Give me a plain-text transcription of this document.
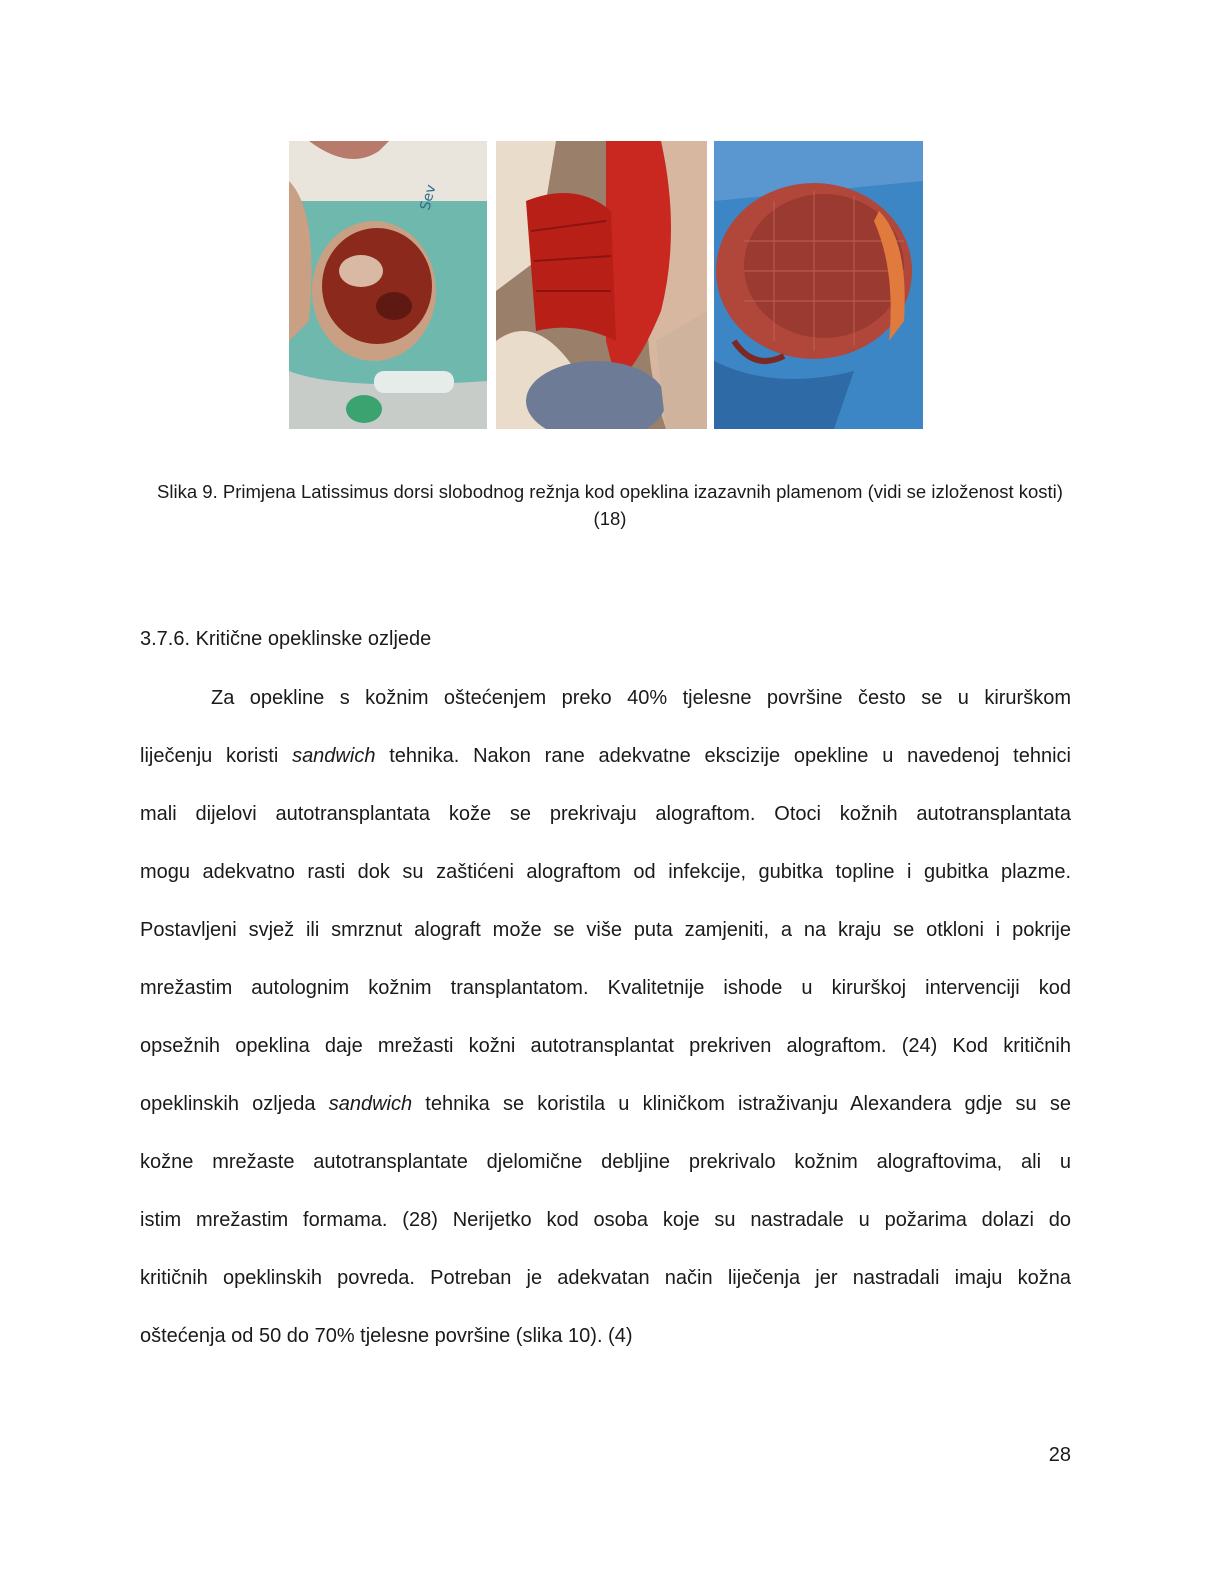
Sev
Slika 9. Primjena Latissimus dorsi slobodnog režnja kod opeklina izazavnih plamenom (vidi se izloženost kosti) (18)
3.7.6. Kritične opeklinske ozljede
Za opekline s kožnim oštećenjem preko 40% tjelesne površine često se u kirurškom
liječenju koristi sandwich tehnika. Nakon rane adekvatne ekscizije opekline u navedenoj tehnici
mali dijelovi autotransplantata kože se prekrivaju alograftom. Otoci kožnih autotransplantata
mogu adekvatno rasti dok su zaštićeni alograftom od infekcije, gubitka topline i gubitka plazme.
Postavljeni svjež ili smrznut alograft može se više puta zamjeniti, a na kraju se otkloni i pokrije
mrežastim autolognim kožnim transplantatom. Kvalitetnije ishode u kirurškoj intervenciji kod
opsežnih opeklina daje mrežasti kožni autotransplantat prekriven alograftom. (24) Kod kritičnih
opeklinskih ozljeda sandwich tehnika se koristila u kliničkom istraživanju Alexandera gdje su se
kožne mrežaste autotransplantate djelomične debljine prekrivalo kožnim alograftovima, ali u
istim mrežastim formama. (28) Nerijetko kod osoba koje su nastradale u požarima dolazi do
kritičnih opeklinskih povreda. Potreban je adekvatan način liječenja jer nastradali imaju kožna
oštećenja od 50 do 70% tjelesne površine (slika 10). (4)
28
